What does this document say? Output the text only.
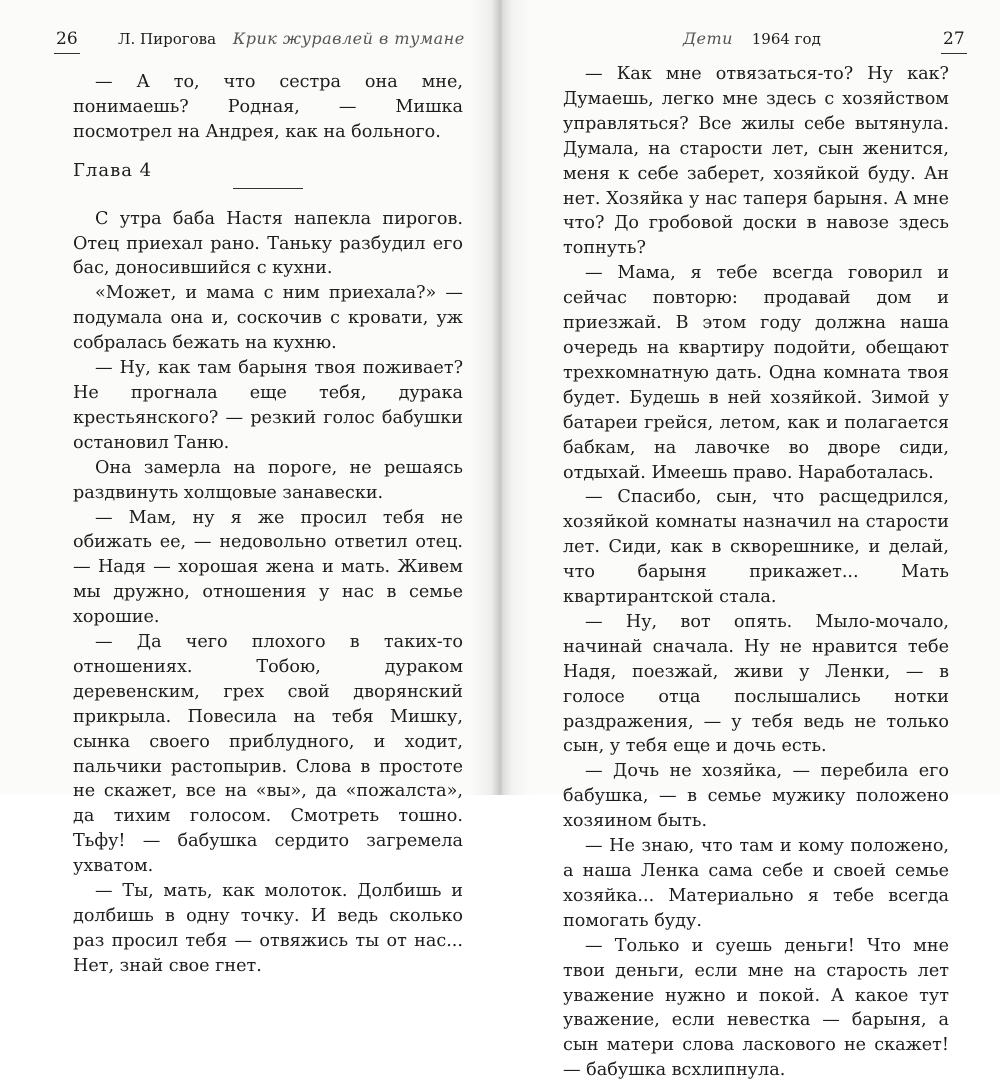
26	Л. Пирогова Крик журавлей в тумане

— А то, что сестра она мне, понимаешь? Родная, — Мишка посмотрел на Андрея, как на больного.

Глава 4

С утра баба Настя напекла пирогов. Отец приехал рано. Таньку разбудил его бас, доносившийся с кухни.

«Может, и мама с ним приехала?» — подумала она и, соскочив с кровати, уж собралась бежать на кухню.

— Ну, как там барыня твоя поживает? Не прогнала еще тебя, дурака крестьянского? — резкий голос бабушки остановил Таню.

Она замерла на пороге, не решаясь раздвинуть холщовые занавески.

— Мам, ну я же просил тебя не обижать ее, — недовольно ответил отец. — Надя — хорошая жена и мать. Живем мы дружно, отношения у нас в семье хорошие.

— Да чего плохого в таких-то отношениях. Тобою, дураком деревенским, грех свой дворянский прикрыла. Повесила на тебя Мишку, сынка своего приблудного, и ходит, пальчики растопырив. Слова в простоте не скажет, все на «вы», да «пожалста», да тихим голосом. Смотреть тошно. Тьфу! — бабушка сердито загремела ухватом.

— Ты, мать, как молоток. Долбишь и долбишь в одну точку. И ведь сколько раз просил тебя — отвяжись ты от нас... Нет, знай свое гнет.

Дети 1964 год	27

— Как мне отвязаться-то? Ну как? Думаешь, легко мне здесь с хозяйством управляться? Все жилы себе вытянула. Думала, на старости лет, сын женится, меня к себе заберет, хозяйкой буду. Ан нет. Хозяйка у нас таперя барыня. А мне что? До гробовой доски в навозе здесь топнуть?

— Мама, я тебе всегда говорил и сейчас повторю: продавай дом и приезжай. В этом году должна наша очередь на квартиру подойти, обещают трехкомнатную дать. Одна комната твоя будет. Будешь в ней хозяйкой. Зимой у батареи грейся, летом, как и полагается бабкам, на лавочке во дворе сиди, отдыхай. Имеешь право. Наработалась.

— Спасибо, сын, что расщедрился, хозяйкой комнаты назначил на старости лет. Сиди, как в скворешнике, и делай, что барыня прикажет... Мать квартирантской стала.

— Ну, вот опять. Мыло-мочало, начинай сначала. Ну не нравится тебе Надя, поезжай, живи у Ленки, — в голосе отца послышались нотки раздражения, — у тебя ведь не только сын, у тебя еще и дочь есть.

— Дочь не хозяйка, — перебила его бабушка, — в семье мужику положено хозяином быть.

— Не знаю, что там и кому положено, а наша Ленка сама себе и своей семье хозяйка... Материально я тебе всегда помогать буду.

— Только и суешь деньги! Что мне твои деньги, если мне на старость лет уважение нужно и покой. А какое тут уважение, если невестка — барыня, а сын матери слова ласкового не скажет! — бабушка всхлипнула.
